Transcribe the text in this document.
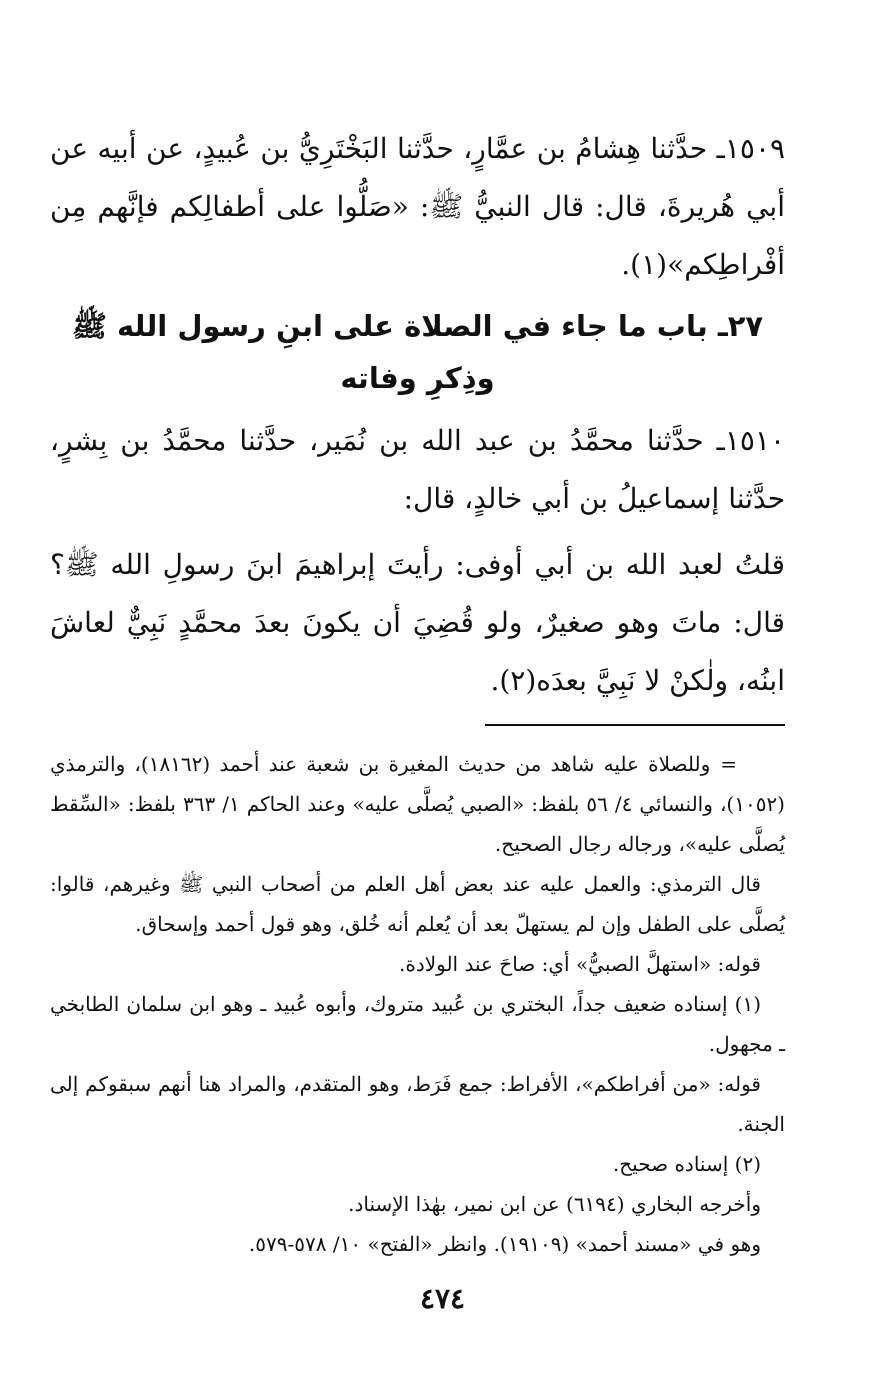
١٥٠٩ـ حدَّثنا هِشامُ بن عمَّارٍ، حدَّثنا البَخْتَرِيُّ بن عُبيدٍ، عن أبيه عن أبي هُريرةَ، قال: قال النبيُّ ﷺ: «صَلُّوا على أطفالِكم فإنَّهم مِن أفْراطِكم»(١).

٢٧ـ باب ما جاء في الصلاة على ابنِ رسول الله ﷺ
وذِكرِ وفاته

١٥١٠ـ حدَّثنا محمَّدُ بن عبد الله بن نُمَير، حدَّثنا محمَّدُ بن بِشرٍ، حدَّثنا إسماعيلُ بن أبي خالدٍ، قال:

قلتُ لعبد الله بن أبي أوفى: رأيتَ إبراهيمَ ابنَ رسولِ الله ﷺ؟ قال: ماتَ وهو صغيرٌ، ولو قُضِيَ أن يكونَ بعدَ محمَّدٍ نَبِيٌّ لعاشَ ابنُه، ولٰكنْ لا نَبِيَّ بعدَه(٢).

=وللصلاة عليه شاهد من حديث المغيرة بن شعبة عند أحمد (١٨١٦٢)، والترمذي (١٠٥٢)، والنسائي ٤/ ٥٦ بلفظ: «الصبي يُصلَّى عليه» وعند الحاكم ١/ ٣٦٣ بلفظ: «السِّقط يُصلَّى عليه»، ورجاله رجال الصحيح.

قال الترمذي: والعمل عليه عند بعض أهل العلم من أصحاب النبي ﷺ وغيرهم، قالوا: يُصلَّى على الطفل وإن لم يستهلّ بعد أن يُعلم أنه خُلق، وهو قول أحمد وإسحاق.

قوله: «استهلَّ الصبيُّ» أي: صاحَ عند الولادة.

(١) إسناده ضعيف جداً، البختري بن عُبيد متروك، وأبوه عُبيد ـ وهو ابن سلمان الطابخي ـ مجهول.

قوله: «من أفراطكم»، الأفراط: جمع فَرَط، وهو المتقدم، والمراد هنا أنهم سبقوكم إلى الجنة.

(٢) إسناده صحيح.

وأخرجه البخاري (٦١٩٤) عن ابن نمير، بهٰذا الإسناد.

وهو في «مسند أحمد» (١٩١٠٩). وانظر «الفتح» ١٠/ ٥٧٨-٥٧٩.

٤٧٤
